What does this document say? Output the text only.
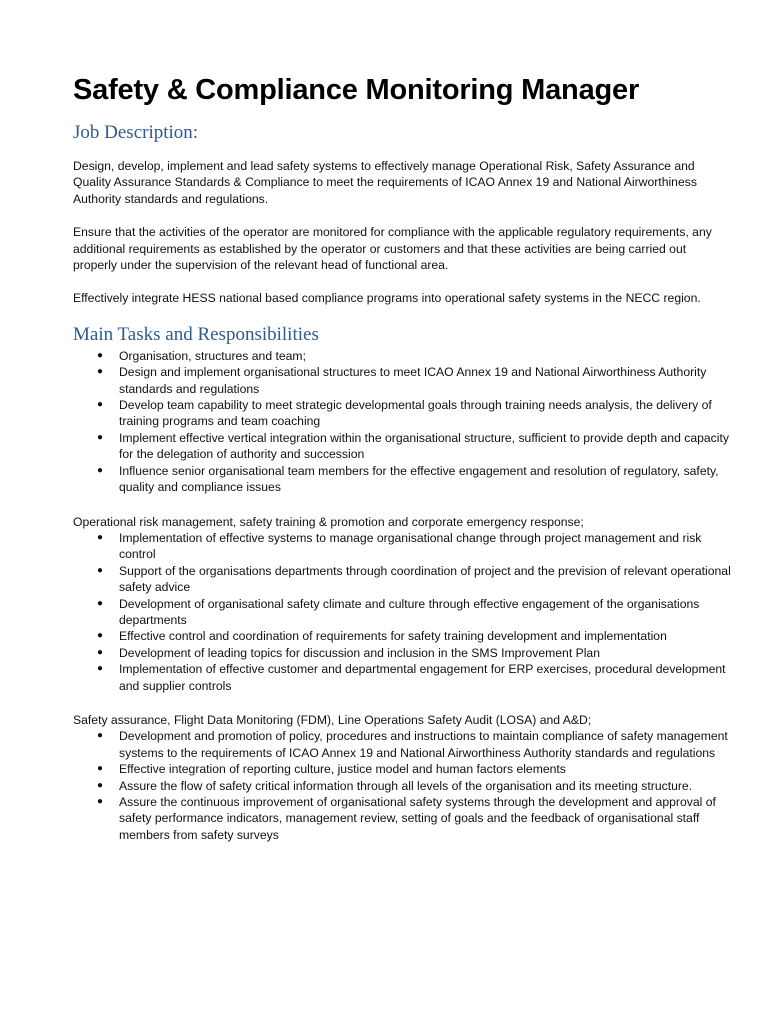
Safety & Compliance Monitoring Manager
Job Description:

Design, develop, implement and lead safety systems to effectively manage Operational Risk, Safety Assurance and Quality Assurance Standards & Compliance to meet the requirements of ICAO Annex 19 and National Airworthiness Authority standards and regulations.

Ensure that the activities of the operator are monitored for compliance with the applicable regulatory requirements, any additional requirements as established by the operator or customers and that these activities are being carried out properly under the supervision of the relevant head of functional area.

Effectively integrate HESS national based compliance programs into operational safety systems in the NECC region.

Main Tasks and Responsibilities
● Organisation, structures and team;
● Design and implement organisational structures to meet ICAO Annex 19 and National Airworthiness Authority standards and regulations
● Develop team capability to meet strategic developmental goals through training needs analysis, the delivery of training programs and team coaching
● Implement effective vertical integration within the organisational structure, sufficient to provide depth and capacity for the delegation of authority and succession
● Influence senior organisational team members for the effective engagement and resolution of regulatory, safety, quality and compliance issues

Operational risk management, safety training & promotion and corporate emergency response;

● Implementation of effective systems to manage organisational change through project management and risk control
● Support of the organisations departments through coordination of project and the prevision of relevant operational safety advice
● Development of organisational safety climate and culture through effective engagement of the organisations departments
● Effective control and coordination of requirements for safety training development and implementation
● Development of leading topics for discussion and inclusion in the SMS Improvement Plan
● Implementation of effective customer and departmental engagement for ERP exercises, procedural development and supplier controls

Safety assurance, Flight Data Monitoring (FDM), Line Operations Safety Audit (LOSA) and A&D;

● Development and promotion of policy, procedures and instructions to maintain compliance of safety management systems to the requirements of ICAO Annex 19 and National Airworthiness Authority standards and regulations
● Effective integration of reporting culture, justice model and human factors elements
● Assure the flow of safety critical information through all levels of the organisation and its meeting structure.
● Assure the continuous improvement of organisational safety systems through the development and approval of safety performance indicators, management review, setting of goals and the feedback of organisational staff members from safety surveys
